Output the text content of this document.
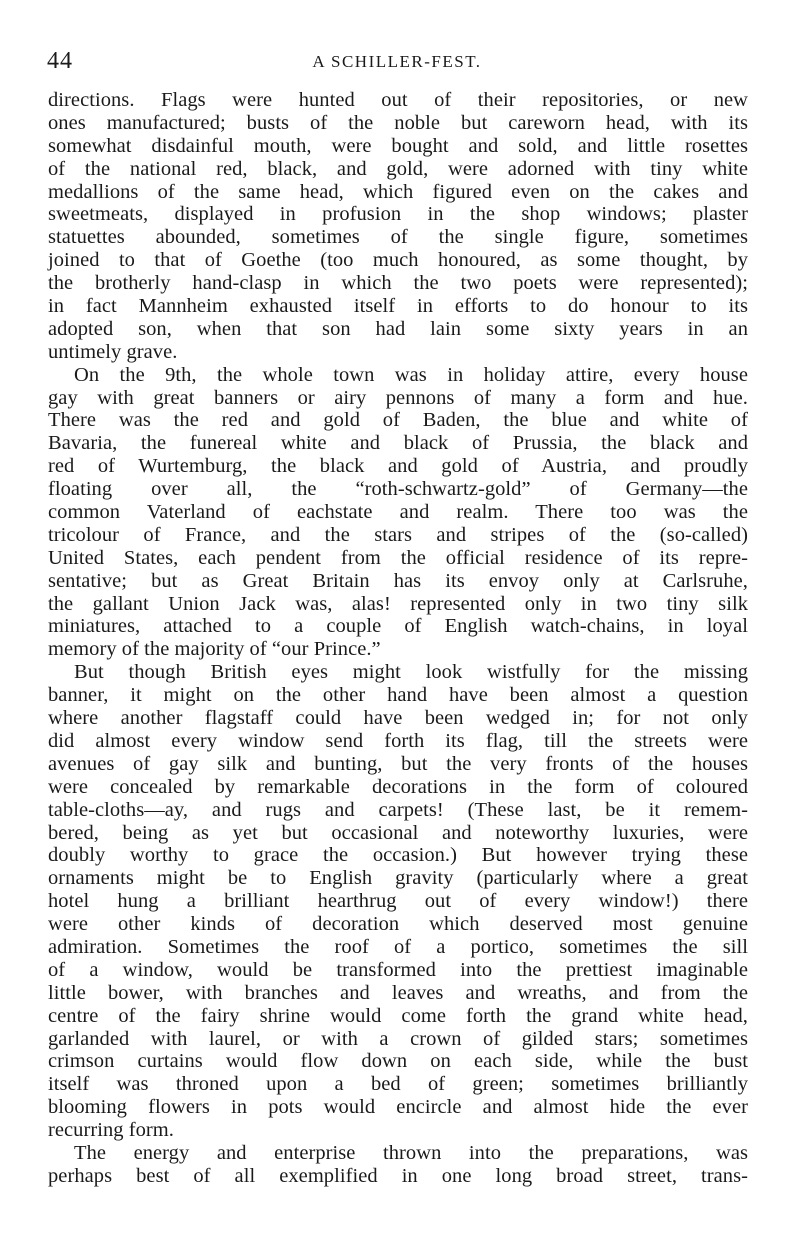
44	A SCHILLER-FEST.
directions. Flags were hunted out of their repositories, or new
ones manufactured; busts of the noble but careworn head, with its
somewhat disdainful mouth, were bought and sold, and little rosettes
of the national red, black, and gold, were adorned with tiny white
medallions of the same head, which figured even on the cakes and
sweetmeats, displayed in profusion in the shop windows; plaster
statuettes abounded, sometimes of the single figure, sometimes
joined to that of Goethe (too much honoured, as some thought, by
the brotherly hand-clasp in which the two poets were represented);
in fact Mannheim exhausted itself in efforts to do honour to its
adopted son, when that son had lain some sixty years in an
untimely grave.
On the 9th, the whole town was in holiday attire, every house
gay with great banners or airy pennons of many a form and hue.
There was the red and gold of Baden, the blue and white of
Bavaria, the funereal white and black of Prussia, the black and
red of Wurtemburg, the black and gold of Austria, and proudly
floating over all, the “roth-schwartz-gold” of Germany—the
common Vaterland of eachstate and realm. There too was the
tricolour of France, and the stars and stripes of the (so-called)
United States, each pendent from the official residence of its repre-
sentative; but as Great Britain has its envoy only at Carlsruhe,
the gallant Union Jack was, alas! represented only in two tiny silk
miniatures, attached to a couple of English watch-chains, in loyal
memory of the majority of “our Prince.”
But though British eyes might look wistfully for the missing
banner, it might on the other hand have been almost a question
where another flagstaff could have been wedged in; for not only
did almost every window send forth its flag, till the streets were
avenues of gay silk and bunting, but the very fronts of the houses
were concealed by remarkable decorations in the form of coloured
table-cloths—ay, and rugs and carpets! (These last, be it remem-
bered, being as yet but occasional and noteworthy luxuries, were
doubly worthy to grace the occasion.) But however trying these
ornaments might be to English gravity (particularly where a great
hotel hung a brilliant hearthrug out of every window!) there
were other kinds of decoration which deserved most genuine
admiration. Sometimes the roof of a portico, sometimes the sill
of a window, would be transformed into the prettiest imaginable
little bower, with branches and leaves and wreaths, and from the
centre of the fairy shrine would come forth the grand white head,
garlanded with laurel, or with a crown of gilded stars; sometimes
crimson curtains would flow down on each side, while the bust
itself was throned upon a bed of green; sometimes brilliantly
blooming flowers in pots would encircle and almost hide the ever
recurring form.
The energy and enterprise thrown into the preparations, was
perhaps best of all exemplified in one long broad street, trans-
